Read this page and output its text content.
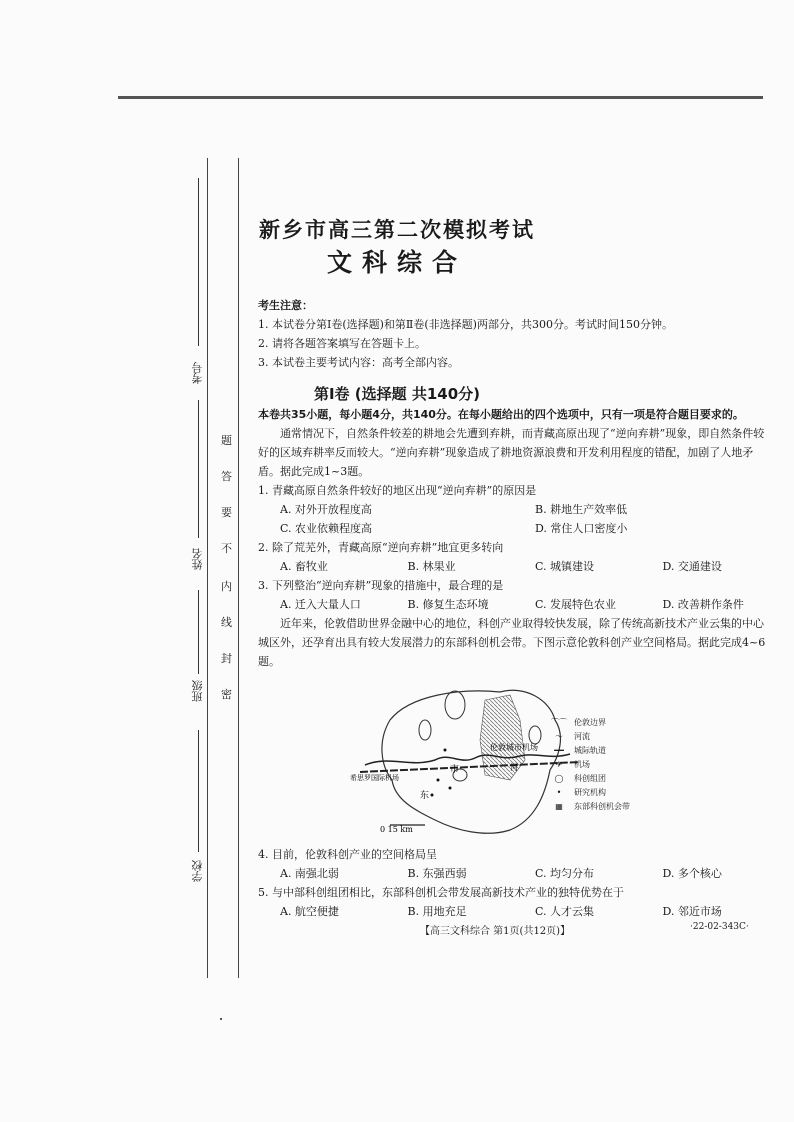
考号
姓名
班级
学校
题
答
要
不
内
线
封
密
新乡市高三第二次模拟考试
文科综合
考生注意：
1. 本试卷分第Ⅰ卷(选择题)和第Ⅱ卷(非选择题)两部分，共300分。考试时间150分钟。
2. 请将各题答案填写在答题卡上。
3. 本试卷主要考试内容：高考全部内容。
第Ⅰ卷 (选择题 共140分)

本卷共35小题，每小题4分，共140分。在每小题给出的四个选项中，只有一项是符合题目要求的。

通常情况下，自然条件较差的耕地会先遭到弃耕，而青藏高原出现了“逆向弃耕”现象，即自然条件较好的区域弃耕率反而较大。“逆向弃耕”现象造成了耕地资源浪费和开发利用程度的错配，加剧了人地矛盾。据此完成1~3题。

1. 青藏高原自然条件较好的地区出现“逆向弃耕”的原因是

A. 对外开放程度高	B. 耕地生产效率低
C. 农业依赖程度高	D. 常住人口密度小

2. 除了荒芜外，青藏高原“逆向弃耕”地宜更多转向

A. 畜牧业	B. 林果业	C. 城镇建设	D. 交通建设

3. 下列整治“逆向弃耕”现象的措施中，最合理的是

A. 迁入大量人口	B. 修复生态环境	C. 发展特色农业	D. 改善耕作条件

近年来，伦敦借助世界金融中心的地位，科创产业取得较快发展，除了传统高新技术产业云集的中心城区外，还孕育出具有较大发展潜力的东部科创机会带。下图示意伦敦科创产业空间格局。据此完成4~6题。

伦敦城市机场
希思罗国际机场
河
市
东
0 15 km
⌒⌒ 伦敦边界
〜	河流
━━	城际轨道
✈	机场
◯	科创组团
•	研究机构
▦	东部科创机会带

4. 目前，伦敦科创产业的空间格局呈

A. 南强北弱	B. 东强西弱	C. 均匀分布	D. 多个核心

5. 与中部科创组团相比，东部科创机会带发展高新技术产业的独特优势在于

A. 航空便捷	B. 用地充足	C. 人才云集	D. 邻近市场
【高三文科综合 第1页(共12页)】	·22-02-343C·
